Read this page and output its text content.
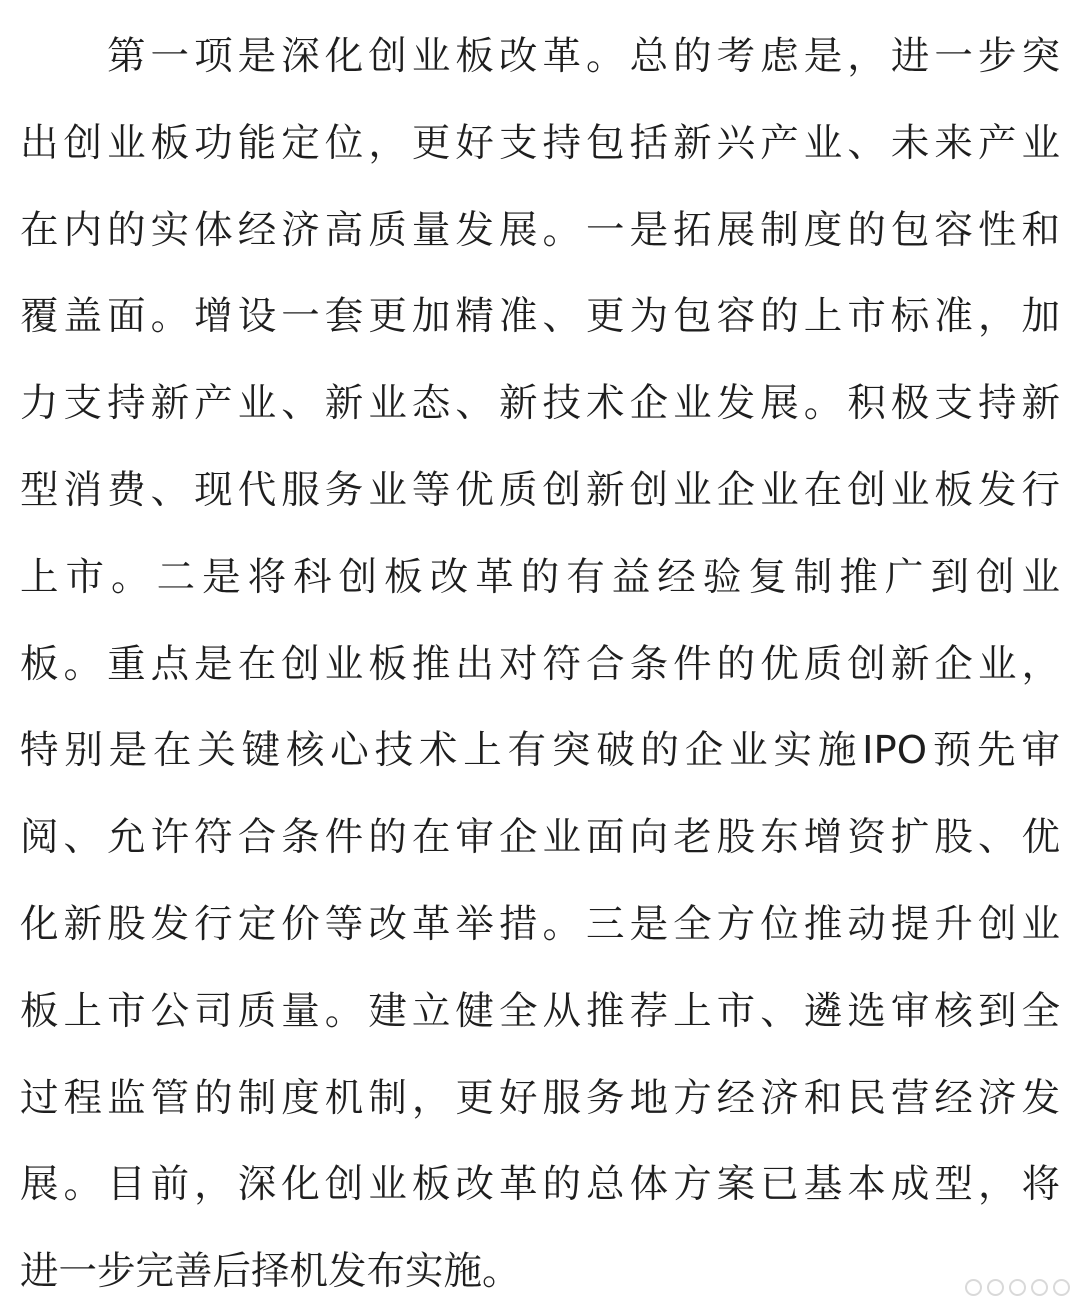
第一项是深化创业板改革。总的考虑是，进一步突
出创业板功能定位，更好支持包括新兴产业、未来产业
在内的实体经济高质量发展。一是拓展制度的包容性和
覆盖面。增设一套更加精准、更为包容的上市标准，加
力支持新产业、新业态、新技术企业发展。积极支持新
型消费、现代服务业等优质创新创业企业在创业板发行
上市。二是将科创板改革的有益经验复制推广到创业
板。重点是在创业板推出对符合条件的优质创新企业，
特别是在关键核心技术上有突破的企业实施IPO预先审
阅、允许符合条件的在审企业面向老股东增资扩股、优
化新股发行定价等改革举措。三是全方位推动提升创业
板上市公司质量。建立健全从推荐上市、遴选审核到全
过程监管的制度机制，更好服务地方经济和民营经济发
展。目前，深化创业板改革的总体方案已基本成型，将
进一步完善后择机发布实施。
